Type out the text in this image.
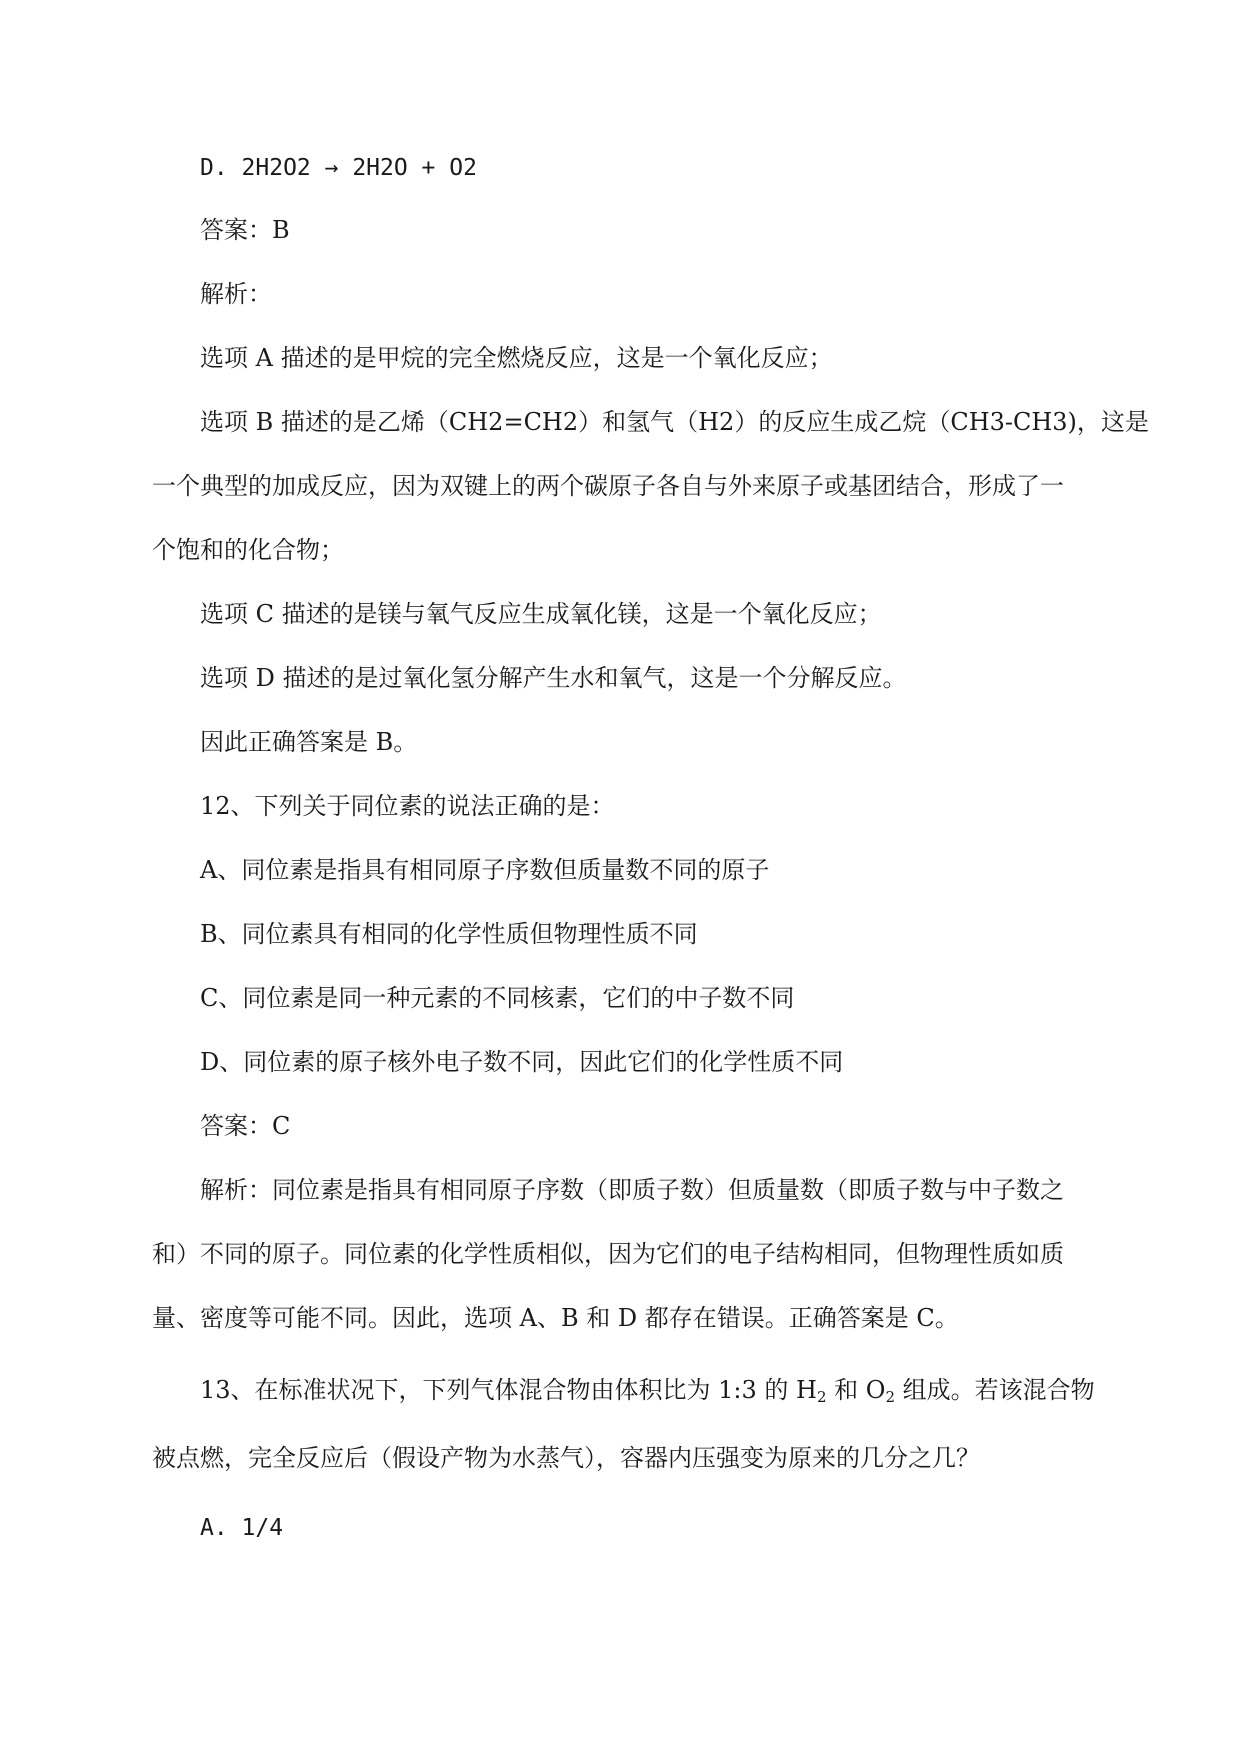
D. 2H2O2 → 2H2O + O2
答案：B
解析：
选项 A 描述的是甲烷的完全燃烧反应，这是一个氧化反应；
选项 B 描述的是乙烯（CH2=CH2）和氢气（H2）的反应生成乙烷（CH3-CH3)，这是
一个典型的加成反应，因为双键上的两个碳原子各自与外来原子或基团结合，形成了一
个饱和的化合物；
选项 C 描述的是镁与氧气反应生成氧化镁，这是一个氧化反应；
选项 D 描述的是过氧化氢分解产生水和氧气，这是一个分解反应。
因此正确答案是 B。
12、下列关于同位素的说法正确的是：
A、同位素是指具有相同原子序数但质量数不同的原子
B、同位素具有相同的化学性质但物理性质不同
C、同位素是同一种元素的不同核素，它们的中子数不同
D、同位素的原子核外电子数不同，因此它们的化学性质不同
答案：C
解析：同位素是指具有相同原子序数（即质子数）但质量数（即质子数与中子数之
和）不同的原子。同位素的化学性质相似，因为它们的电子结构相同，但物理性质如质
量、密度等可能不同。因此，选项 A、B 和 D 都存在错误。正确答案是 C。
13、在标准状况下，下列气体混合物由体积比为 1:3 的 $H_2$ 和 $O_2$ 组成。若该混合物
被点燃，完全反应后（假设产物为水蒸气），容器内压强变为原来的几分之几？
A. 1/4
